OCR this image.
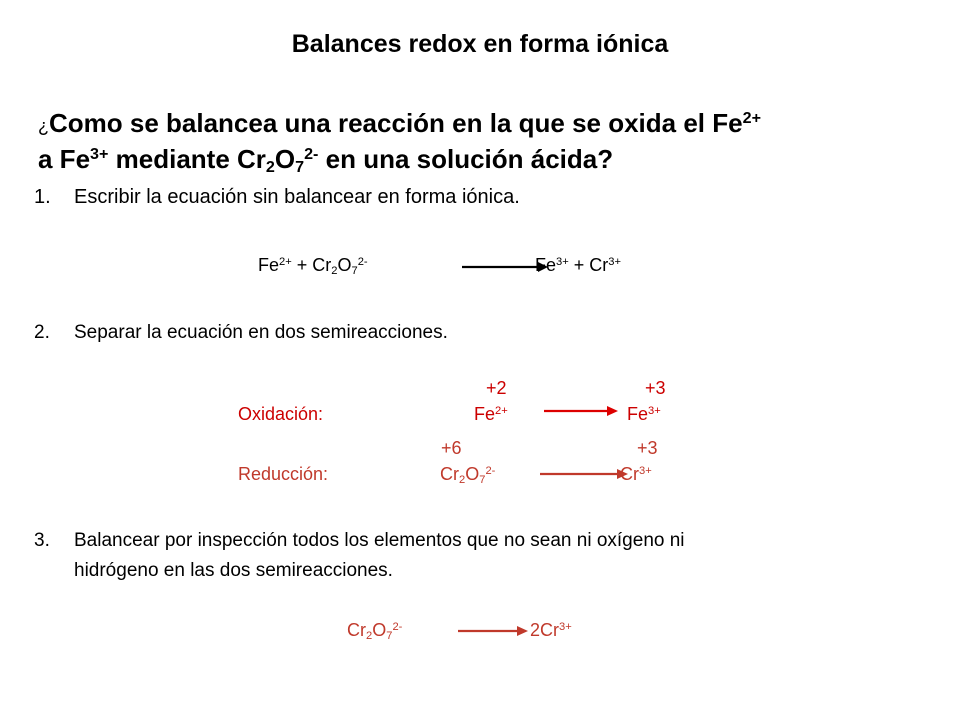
Balances redox en forma iónica
¿Como se balancea una reacción en la que se oxida el $Fe^{2+}$
a $Fe^{3+}$ mediante $Cr_2O_7^{2-}$ en una solución ácida?
1. Escribir la ecuación sin balancear en forma iónica.
$Fe^{2+} + Cr_2O_7^{2-}$	$Fe^{3+} + Cr^{3+}$
2. Separar la ecuación en dos semireacciones.
+2	+3
Oxidación:	$Fe^{2+}$	$Fe^{3+}$
+6	+3
Reducción:	$Cr_2O_7^{2-}$	$Cr^{3+}$
3. Balancear por inspección todos los elementos que no sean ni oxígeno ni
hidrógeno en las dos semireacciones.
$Cr_2O_7^{2-}$	$2Cr^{3+}$
